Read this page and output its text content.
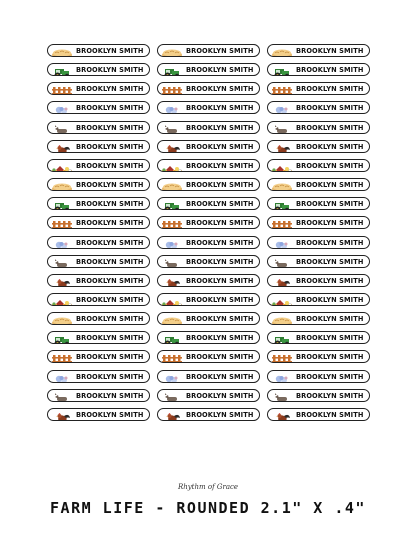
BROOKLYN SMITH	BROOKLYN SMITH	BROOKLYN SMITH
BROOKLYN SMITH	BROOKLYN SMITH	BROOKLYN SMITH
BROOKLYN SMITH	BROOKLYN SMITH	BROOKLYN SMITH
BROOKLYN SMITH	BROOKLYN SMITH	BROOKLYN SMITH
BROOKLYN SMITH	BROOKLYN SMITH	BROOKLYN SMITH
BROOKLYN SMITH	BROOKLYN SMITH	BROOKLYN SMITH
BROOKLYN SMITH	BROOKLYN SMITH	BROOKLYN SMITH
BROOKLYN SMITH	BROOKLYN SMITH	BROOKLYN SMITH
BROOKLYN SMITH	BROOKLYN SMITH	BROOKLYN SMITH
BROOKLYN SMITH	BROOKLYN SMITH	BROOKLYN SMITH
BROOKLYN SMITH	BROOKLYN SMITH	BROOKLYN SMITH
BROOKLYN SMITH	BROOKLYN SMITH	BROOKLYN SMITH
BROOKLYN SMITH	BROOKLYN SMITH	BROOKLYN SMITH
BROOKLYN SMITH	BROOKLYN SMITH	BROOKLYN SMITH
BROOKLYN SMITH	BROOKLYN SMITH	BROOKLYN SMITH
BROOKLYN SMITH	BROOKLYN SMITH	BROOKLYN SMITH
BROOKLYN SMITH	BROOKLYN SMITH	BROOKLYN SMITH
BROOKLYN SMITH	BROOKLYN SMITH	BROOKLYN SMITH
BROOKLYN SMITH	BROOKLYN SMITH	BROOKLYN SMITH
BROOKLYN SMITH	BROOKLYN SMITH	BROOKLYN SMITH
Rhythm of Grace
FARM LIFE - ROUNDED 2.1" X .4"
